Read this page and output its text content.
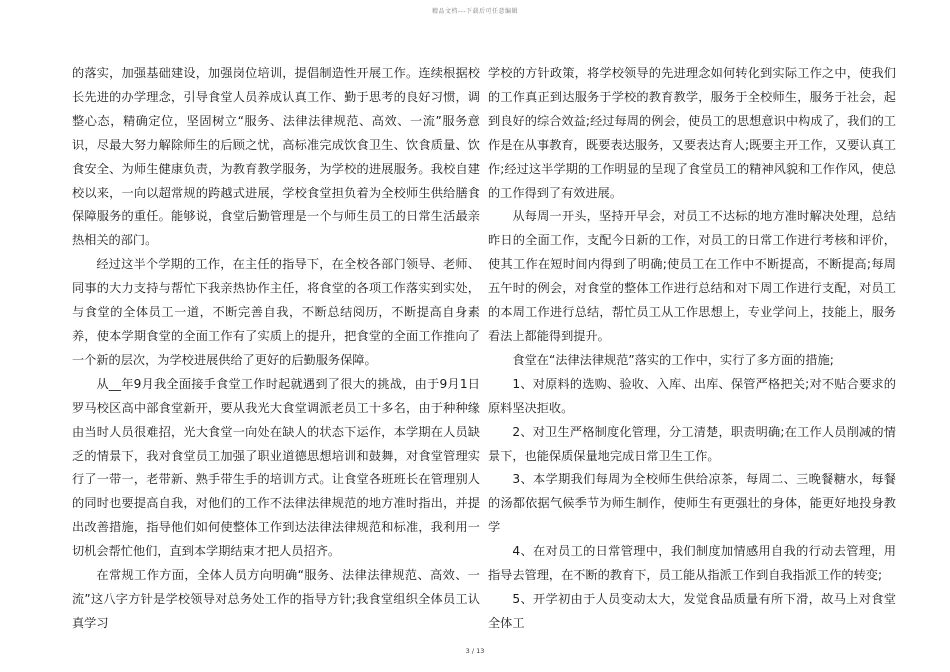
精品文档---下载后可任意编辑

的落实，加强基础建设，加强岗位培训，提倡制造性开展工作。连续根据校长先进的办学理念，引导食堂人员养成认真工作、勤于思考的良好习惯，调整心态，精确定位，坚固树立“服务、法律法律规范、高效、一流”服务意识，尽最大努力解除师生的后顾之忧，高标准完成饮食卫生、饮食质量、饮食安全、为师生健康负责，为教育教学服务，为学校的进展服务。我校自建校以来，一向以超常规的跨越式进展，学校食堂担负着为全校师生供给膳食保障服务的重任。能够说，食堂后勤管理是一个与师生员工的日常生活最亲热相关的部门。

经过这半个学期的工作，在主任的指导下，在全校各部门领导、老师、同事的大力支持与帮忙下我亲热协作主任，将食堂的各项工作落实到实处，与食堂的全体员工一道，不断完善自我，不断总结阅历，不断提高自身素养，使本学期食堂的全面工作有了实质上的提升，把食堂的全面工作推向了一个新的层次，为学校进展供给了更好的后勤服务保障。

从__年9月我全面接手食堂工作时起就遇到了很大的挑战，由于9月1日罗马校区高中部食堂新开，要从我光大食堂调派老员工十多名，由于种种缘由当时人员很难招，光大食堂一向处在缺人的状态下运作，本学期在人员缺乏的情景下，我对食堂员工加强了职业道德思想培训和鼓舞，对食堂管理实行了一带一，老带新、熟手带生手的培训方式。让食堂各班班长在管理别人的同时也要提高自我，对他们的工作不法律法律规范的地方准时指出，并提出改善措施，指导他们如何使整体工作到达法律法律规范和标准，我利用一切机会帮忙他们，直到本学期结束才把人员招齐。

在常规工作方面，全体人员方向明确“服务、法律法律规范、高效、一流”这八字方针是学校领导对总务处工作的指导方针;我食堂组织全体员工认真学习

学校的方针政策，将学校领导的先进理念如何转化到实际工作之中，使我们的工作真正到达服务于学校的教育教学，服务于全校师生，服务于社会，起到良好的综合效益;经过每周的例会，使员工的思想意识中构成了，我们的工作是在从事教育，既要表达服务，又要表达育人;既要主开工作，又要认真工作;经过这半学期的工作明显的呈现了食堂员工的精神风貌和工作作风，使总的工作得到了有效进展。

从每周一开头，坚持开早会，对员工不达标的地方准时解决处理，总结昨日的全面工作，支配今日新的工作，对员工的日常工作进行考核和评价，使其工作在短时间内得到了明确;使员工在工作中不断提高，不断提高;每周五午时的例会，对食堂的整体工作进行总结和对下周工作进行支配，对员工的本周工作进行总结，帮忙员工从工作思想上，专业学问上，技能上，服务看法上都能得到提升。

食堂在“法律法律规范”落实的工作中，实行了多方面的措施;

1、对原料的选购、验收、入库、出库、保管严格把关;对不贴合要求的原料坚决拒收。

2、对卫生严格制度化管理，分工清楚，职责明确;在工作人员削减的情景下，也能保质保量地完成日常卫生工作。

3、本学期我们每周为全校师生供给凉茶，每周二、三晚餐糖水，每餐的汤都依据气候季节为师生制作，使师生有更强壮的身体，能更好地投身教学

4、在对员工的日常管理中，我们制度加情感用自我的行动去管理，用指导去管理，在不断的教育下，员工能从指派工作到自我指派工作的转变;

5、开学初由于人员变动太大，发觉食品质量有所下滑，故马上对食堂全体工

3 / 13
